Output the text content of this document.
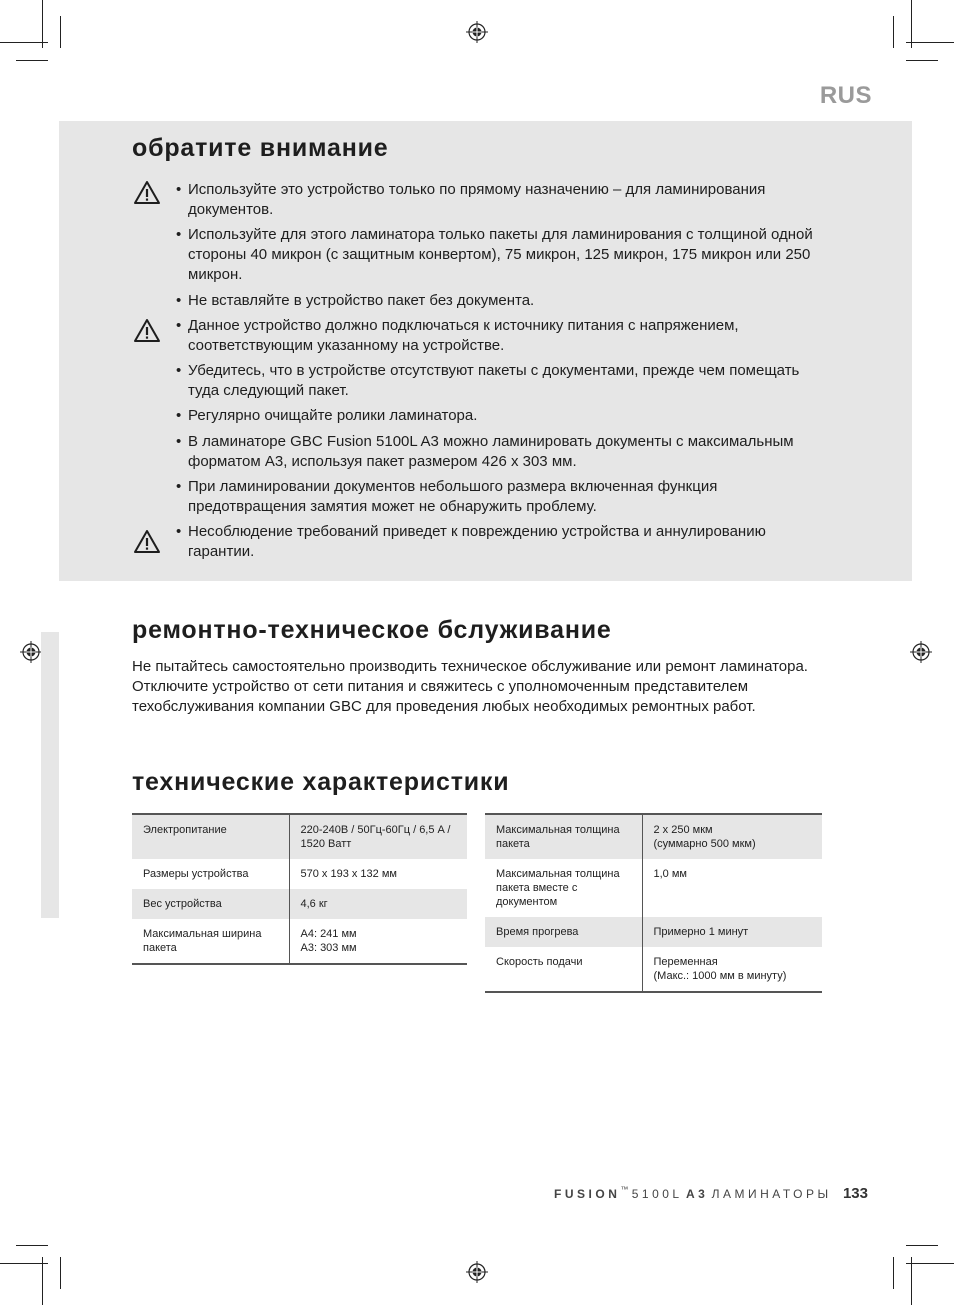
RUS
обратите внимание
• Используйте это устройство только по прямому назначению – для ламинирования документов.
• Используйте для этого ламинатора только пакеты для ламинирования с толщиной одной стороны 40 микрон (с защитным конвертом), 75 микрон, 125 микрон, 175 микрон или 250 микрон.
• Не вставляйте в устройство пакет без документа.
• Данное устройство должно подключаться к источнику питания с напряжением, соответствующим указанному на устройстве.
• Убедитесь, что в устройстве отсутствуют пакеты с документами, прежде чем помещать туда следующий пакет.
• Регулярно очищайте ролики ламинатора.
• В ламинаторе GBC Fusion 5100L A3 можно ламинировать документы с максимальным форматом A3, используя пакет размером 426 x 303 мм.
• При ламинировании документов небольшого размера включенная функция предотвращения замятия может не обнаружить проблему.
• Несоблюдение требований приведет к повреждению устройства и аннулированию гарантии.
ремонтно-техническое бслуживание

Не пытайтесь самостоятельно производить техническое обслуживание или ремонт ламинатора. Отключите устройство от сети питания и свяжитесь с уполномоченным представителем техобслуживания компании GBC для проведения любых необходимых ремонтных работ.

технические характеристики
Электропитание	220-240В / 50Гц-60Гц / 6,5 A / 1520 Ватт
Размеры устройства	570 x 193 x 132 мм
Вес устройства	4,6 кг
Максимальная ширина пакета	A4: 241 мм
A3: 303 мм
Максимальная толщина пакета	2 x 250 мкм
(суммарно 500 мкм)
Максимальная толщина пакета вместе с документом	1,0 мм
Время прогрева	Примерно 1 минут
Скорость подачи	Переменная
(Макс.: 1000 мм в минуту)
FUSION™ 5100L A3 ЛАМИНАТОРЫ 133
